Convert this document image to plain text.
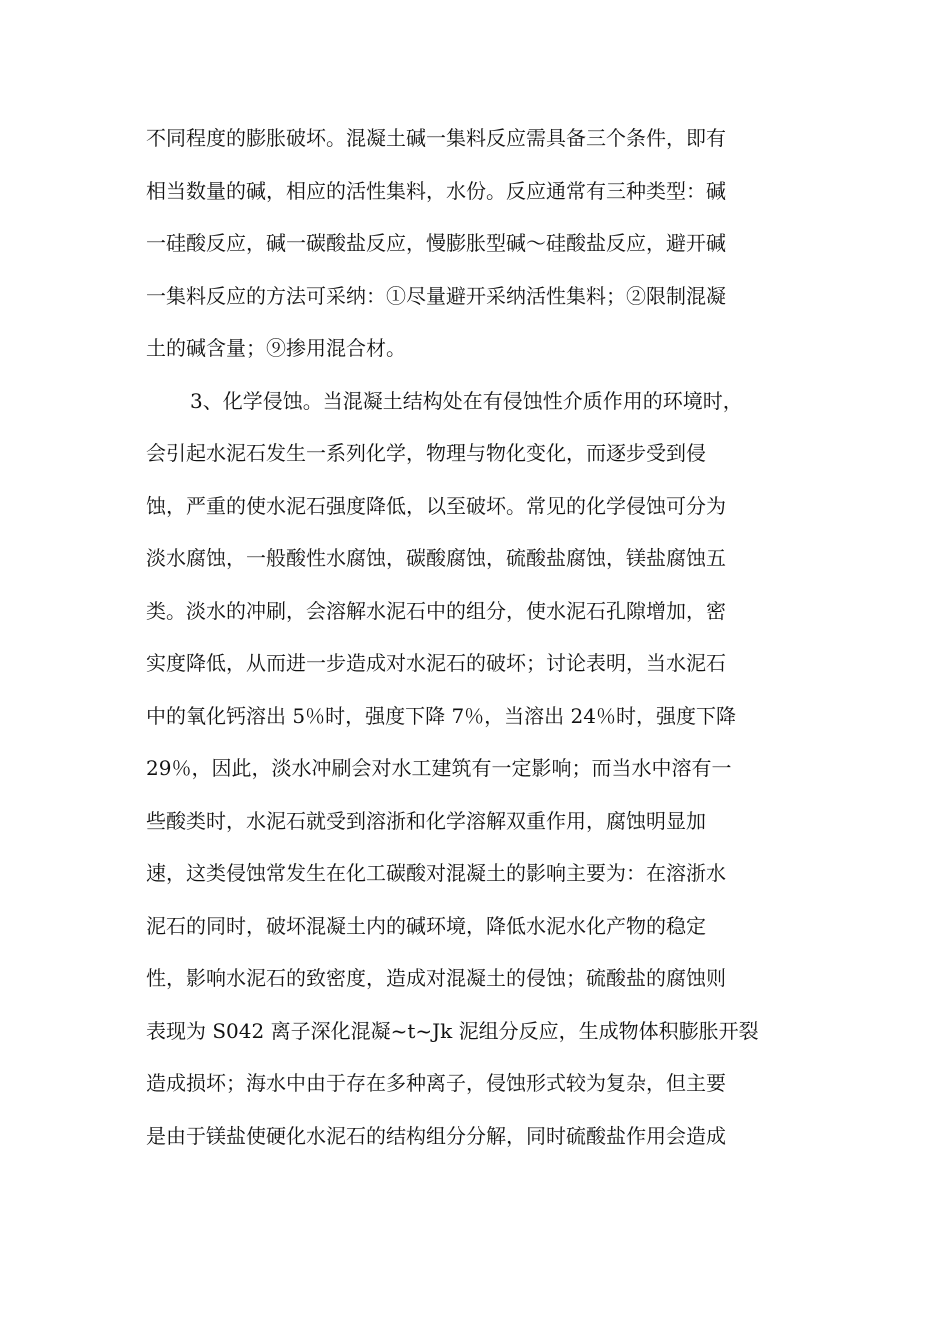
不同程度的膨胀破坏。混凝土碱一集料反应需具备三个条件，即有
相当数量的碱，相应的活性集料，水份。反应通常有三种类型：碱
一硅酸反应，碱一碳酸盐反应，慢膨胀型碱～硅酸盐反应，避开碱
一集料反应的方法可采纳：①尽量避开采纳活性集料；②限制混凝
土的碱含量；⑨掺用混合材。
3、化学侵蚀。当混凝土结构处在有侵蚀性介质作用的环境时，
会引起水泥石发生一系列化学，物理与物化变化，而逐步受到侵
蚀，严重的使水泥石强度降低，以至破坏。常见的化学侵蚀可分为
淡水腐蚀，一般酸性水腐蚀，碳酸腐蚀，硫酸盐腐蚀，镁盐腐蚀五
类。淡水的冲刷，会溶解水泥石中的组分，使水泥石孔隙增加，密
实度降低，从而进一步造成对水泥石的破坏；讨论表明，当水泥石
中的氧化钙溶出 5％时，强度下降 7％，当溶出 24％时，强度下降
29％，因此，淡水冲刷会对水工建筑有一定影响；而当水中溶有一
些酸类时，水泥石就受到溶浙和化学溶解双重作用，腐蚀明显加
速，这类侵蚀常发生在化工碳酸对混凝土的影响主要为：在溶浙水
泥石的同时，破坏混凝土内的碱环境，降低水泥水化产物的稳定
性，影响水泥石的致密度，造成对混凝土的侵蚀；硫酸盐的腐蚀则
表现为 S042 离子深化混凝~t~Jk 泥组分反应，生成物体积膨胀开裂
造成损坏；海水中由于存在多种离子，侵蚀形式较为复杂，但主要
是由于镁盐使硬化水泥石的结构组分分解，同时硫酸盐作用会造成
